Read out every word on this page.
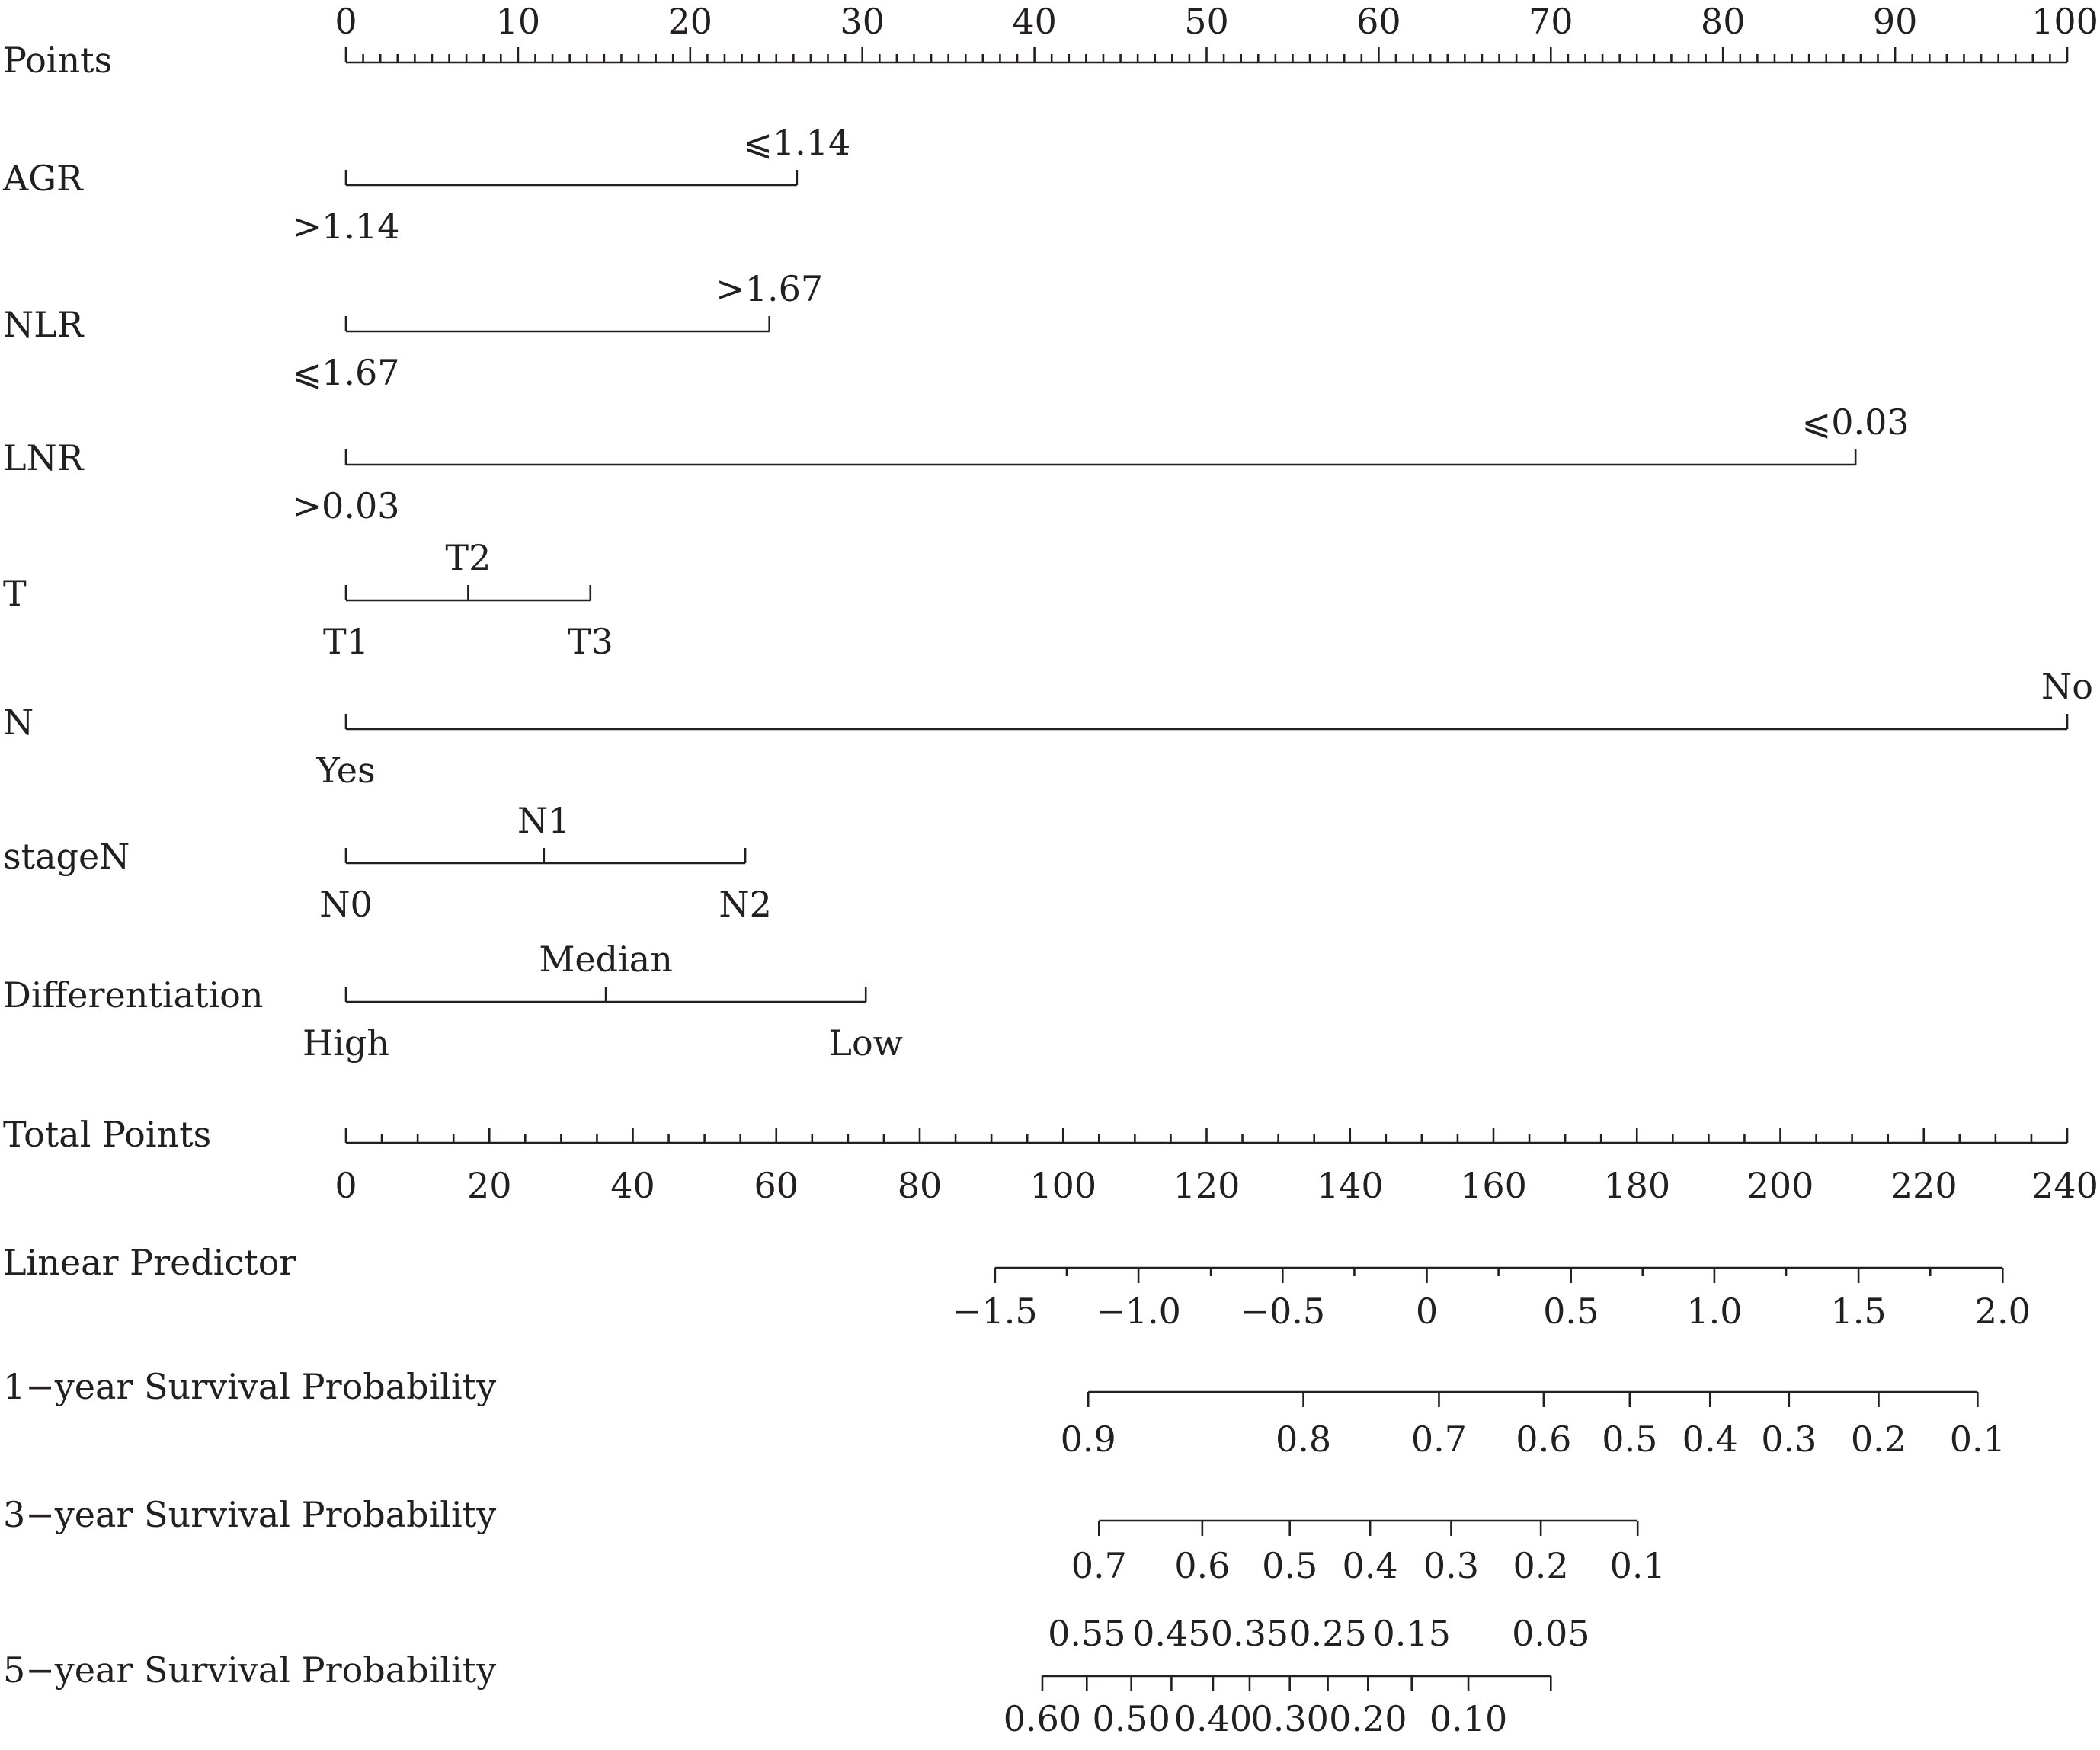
Points
0	10	20	30	40	50	60	70	80	90	100
AGR
>1.14
⩽1.14
NLR
⩽1.67
>1.67
LNR
>0.03
⩽0.03
T
T1
T2
T3
N
Yes
No
stageN
N0
N1
N2
Differentiation
High
Median
Low
Total Points
0	20	40	60	80	100 120 140 160 180 200 220 240
Linear Predictor
−1.5 −1.0 −0.5	0	0.5	1.0	1.5	2.0
1−year Survival Probability
0.9	0.8 0.7 0.6 0.5 0.4 0.3 0.2 0.1
3−year Survival Probability
0.7 0.6 0.5 0.4 0.3 0.2 0.1
5−year Survival Probability
0.60
0.55
0.50
0.45
0.40
0.35
0.30
0.25
0.20
0.15
0.10
0.05
